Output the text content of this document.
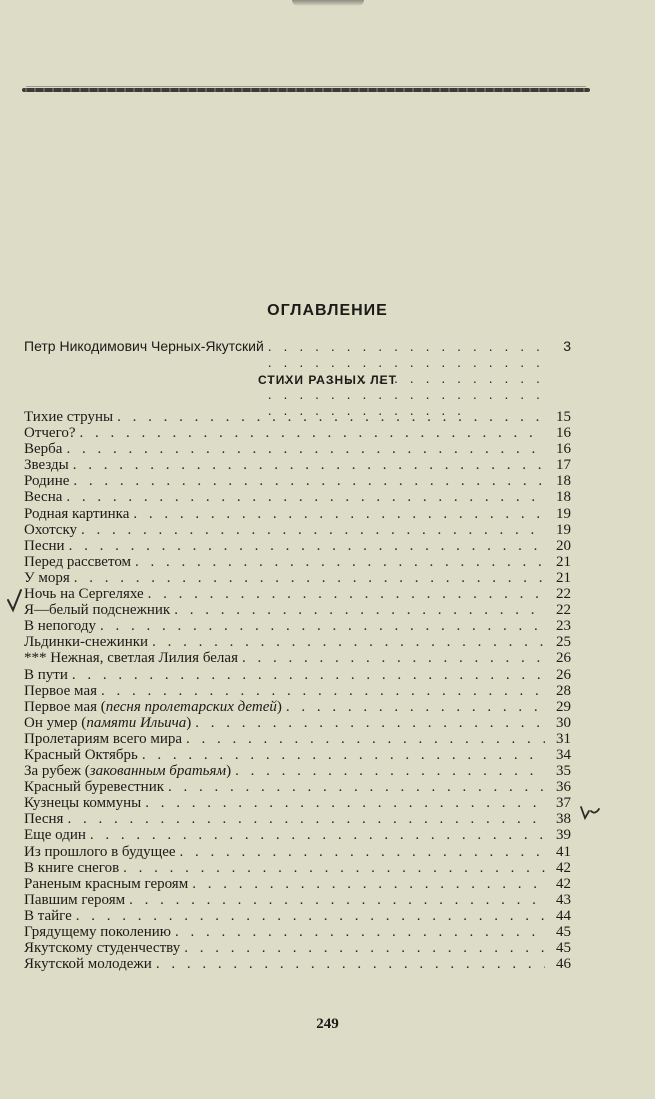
ОГЛАВЛЕНИЕ
Петр Никодимович Черных-Якутский . . .	3
СТИХИ РАЗНЫХ ЛЕТ
Тихие струны . . .	15
Отчего? . . .	16
Верба . . .	16
Звезды . . .	17
Родине . . .	18
Весна . . .	18
Родная картинка . . .	19
Охотску . . .	19
Песни . . .	20
Перед рассветом . . .	21
У моря . . .	21
Ночь на Сергеляхе . . .	22
Я—белый подснежник . . .	22
В непогоду . . .	23
Льдинки-снежинки . . .	25
*** Нежная, светлая Лилия белая . . .	26
В пути . . .	26
Первое мая . . .	28
Первое мая (песня пролетарских детей) . . .	29
Он умер (памяти Ильича) . . .	30
Пролетариям всего мира . . .	31
Красный Октябрь . . .	34
За рубеж (закованным братьям) . . .	35
Красный буревестник . . .	36
Кузнецы коммуны . . .	37
Песня . . .	38
Еще один . . .	39
Из прошлого в будущее . . .	41
В книге снегов . . .	42
Раненым красным героям . . .	42
Павшим героям . . .	43
В тайге . . .	44
Грядущему поколению . . .	45
Якутскому студенчеству . . .	45
Якутской молодежи . . .	46
249
